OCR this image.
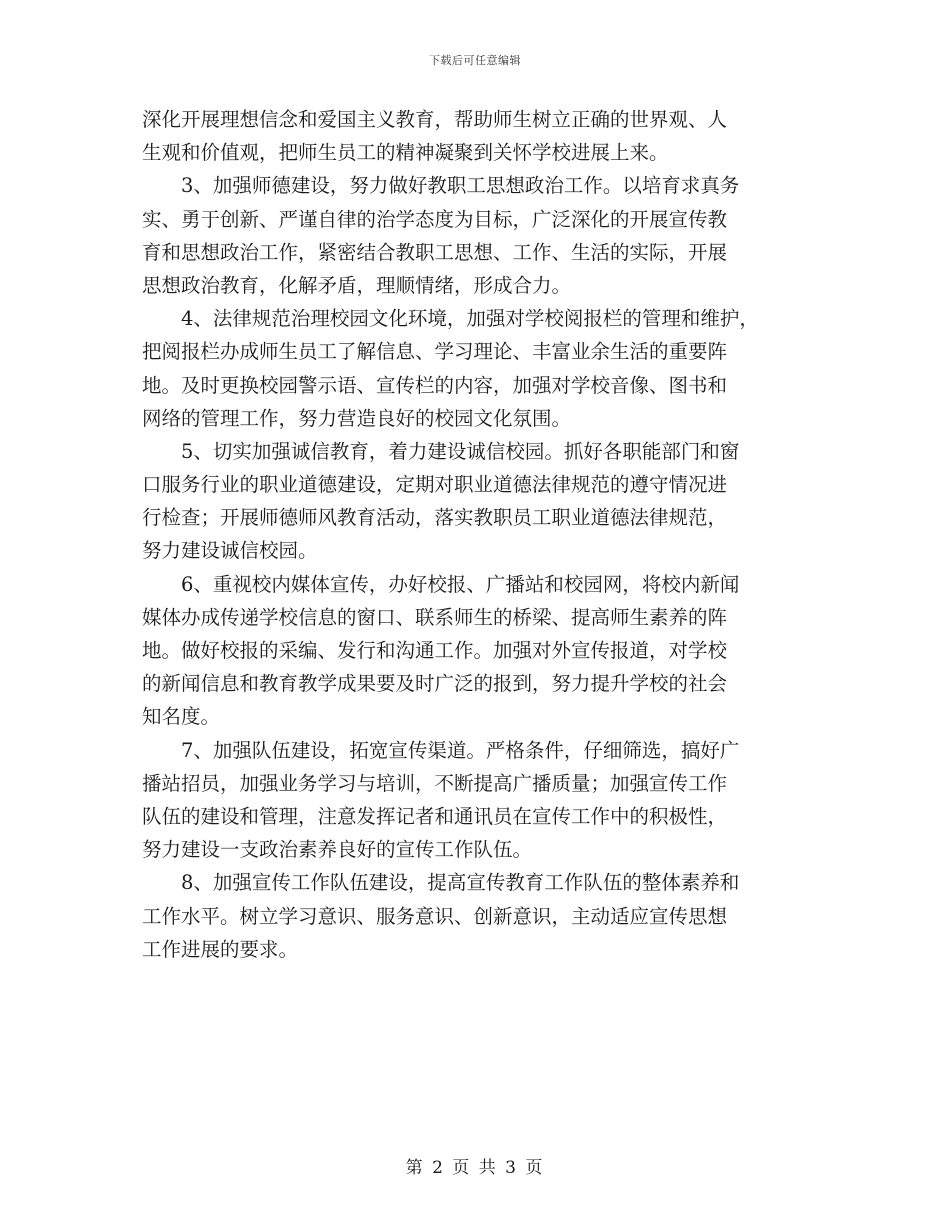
下载后可任意编辑
深化开展理想信念和爱国主义教育，帮助师生树立正确的世界观、人
生观和价值观，把师生员工的精神凝聚到关怀学校进展上来。
　　3、加强师德建设，努力做好教职工思想政治工作。以培育求真务
实、勇于创新、严谨自律的治学态度为目标，广泛深化的开展宣传教
育和思想政治工作，紧密结合教职工思想、工作、生活的实际，开展
思想政治教育，化解矛盾，理顺情绪，形成合力。
　　4、法律规范治理校园文化环境，加强对学校阅报栏的管理和维护，
把阅报栏办成师生员工了解信息、学习理论、丰富业余生活的重要阵
地。及时更换校园警示语、宣传栏的内容，加强对学校音像、图书和
网络的管理工作，努力营造良好的校园文化氛围。
　　5、切实加强诚信教育，着力建设诚信校园。抓好各职能部门和窗
口服务行业的职业道德建设，定期对职业道德法律规范的遵守情况进
行检查；开展师德师风教育活动，落实教职员工职业道德法律规范，
努力建设诚信校园。
　　6、重视校内媒体宣传，办好校报、广播站和校园网，将校内新闻
媒体办成传递学校信息的窗口、联系师生的桥梁、提高师生素养的阵
地。做好校报的采编、发行和沟通工作。加强对外宣传报道，对学校
的新闻信息和教育教学成果要及时广泛的报到，努力提升学校的社会
知名度。
　　7、加强队伍建设，拓宽宣传渠道。严格条件，仔细筛选，搞好广
播站招员，加强业务学习与培训，不断提高广播质量；加强宣传工作
队伍的建设和管理，注意发挥记者和通讯员在宣传工作中的积极性，
努力建设一支政治素养良好的宣传工作队伍。
　　8、加强宣传工作队伍建设，提高宣传教育工作队伍的整体素养和
工作水平。树立学习意识、服务意识、创新意识，主动适应宣传思想
工作进展的要求。
第 2 页 共 3 页
